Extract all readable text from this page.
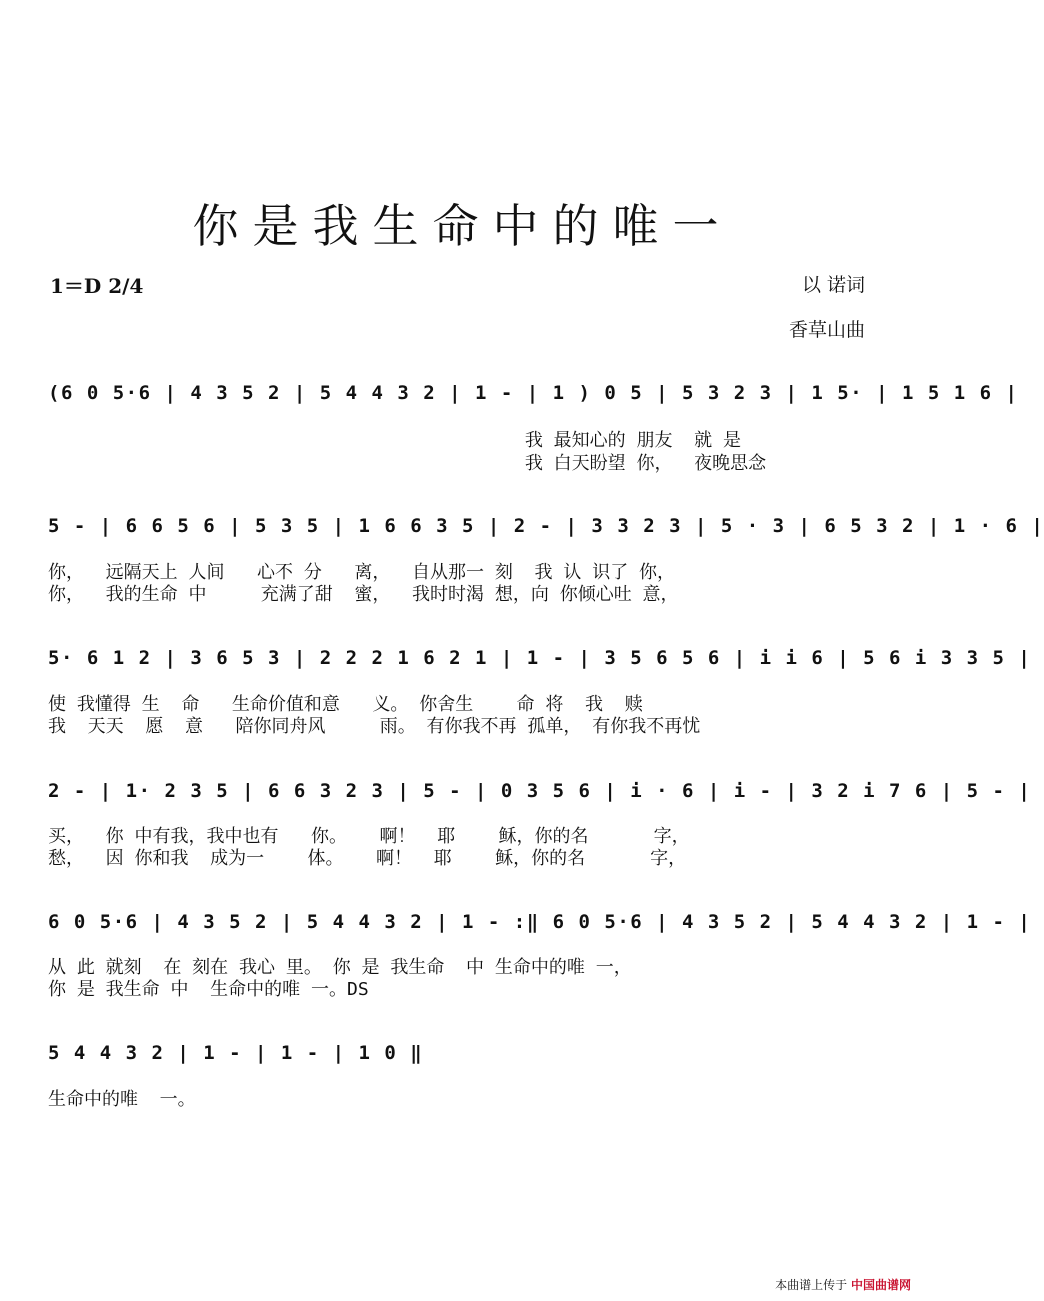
你是我生命中的唯一
1＝D 2/4	以 诺词
香草山曲
(6 0 5·6 | 4 3 5 2 | 5 4 4 3 2 | 1 - | 1 ) 0 5 | 5 3 2 3 | 1 5· | 1 5 1 6 |
我 最知心的 朋友  就 是
我 白天盼望 你，  夜晚思念
5 - | 6 6 5 6 | 5 3 5 | 1 6 6 3 5 | 2 - | 3 3 2 3 | 5 · 3 | 6 5 3 2 | 1 · 6 |
你，  远隔天上 人间   心不 分   离，  自从那一 刻  我 认 识了 你，
你，  我的生命 中     充满了甜  蜜，  我时时渴 想，向 你倾心吐 意，
5· 6 1 2 | 3 6 5 3 | 2 2 2 1 6 2 1 | 1 - | 3 5 6 5 6 | i i 6 | 5 6 i 3 3 5 |
使 我懂得 生  命   生命价值和意   义。 你舍生    命 将  我  赎
我  天天  愿  意   陪你同舟风     雨。 有你我不再 孤单， 有你我不再忧
2 - | 1· 2 3 5 | 6 6 3 2 3 | 5 - | 0 3 5 6 | i · 6 | i - | 3 2 i 7 6 | 5 - |
买，  你 中有我，我中也有   你。   啊！  耶    稣，你的名      字，
愁，  因 你和我  成为一    体。   啊！  耶    稣，你的名      字，
6 0 5·6 | 4 3 5 2 | 5 4 4 3 2 | 1 - :‖ 6 0 5·6 | 4 3 5 2 | 5 4 4 3 2 | 1 - |
从 此 就刻  在 刻在 我心 里。 你 是 我生命  中 生命中的唯 一，
你 是 我生命 中  生命中的唯 一。DS
5 4 4 3 2 | 1 - | 1 - | 1 0 ‖
生命中的唯  一。
本曲谱上传于 中国曲谱网
